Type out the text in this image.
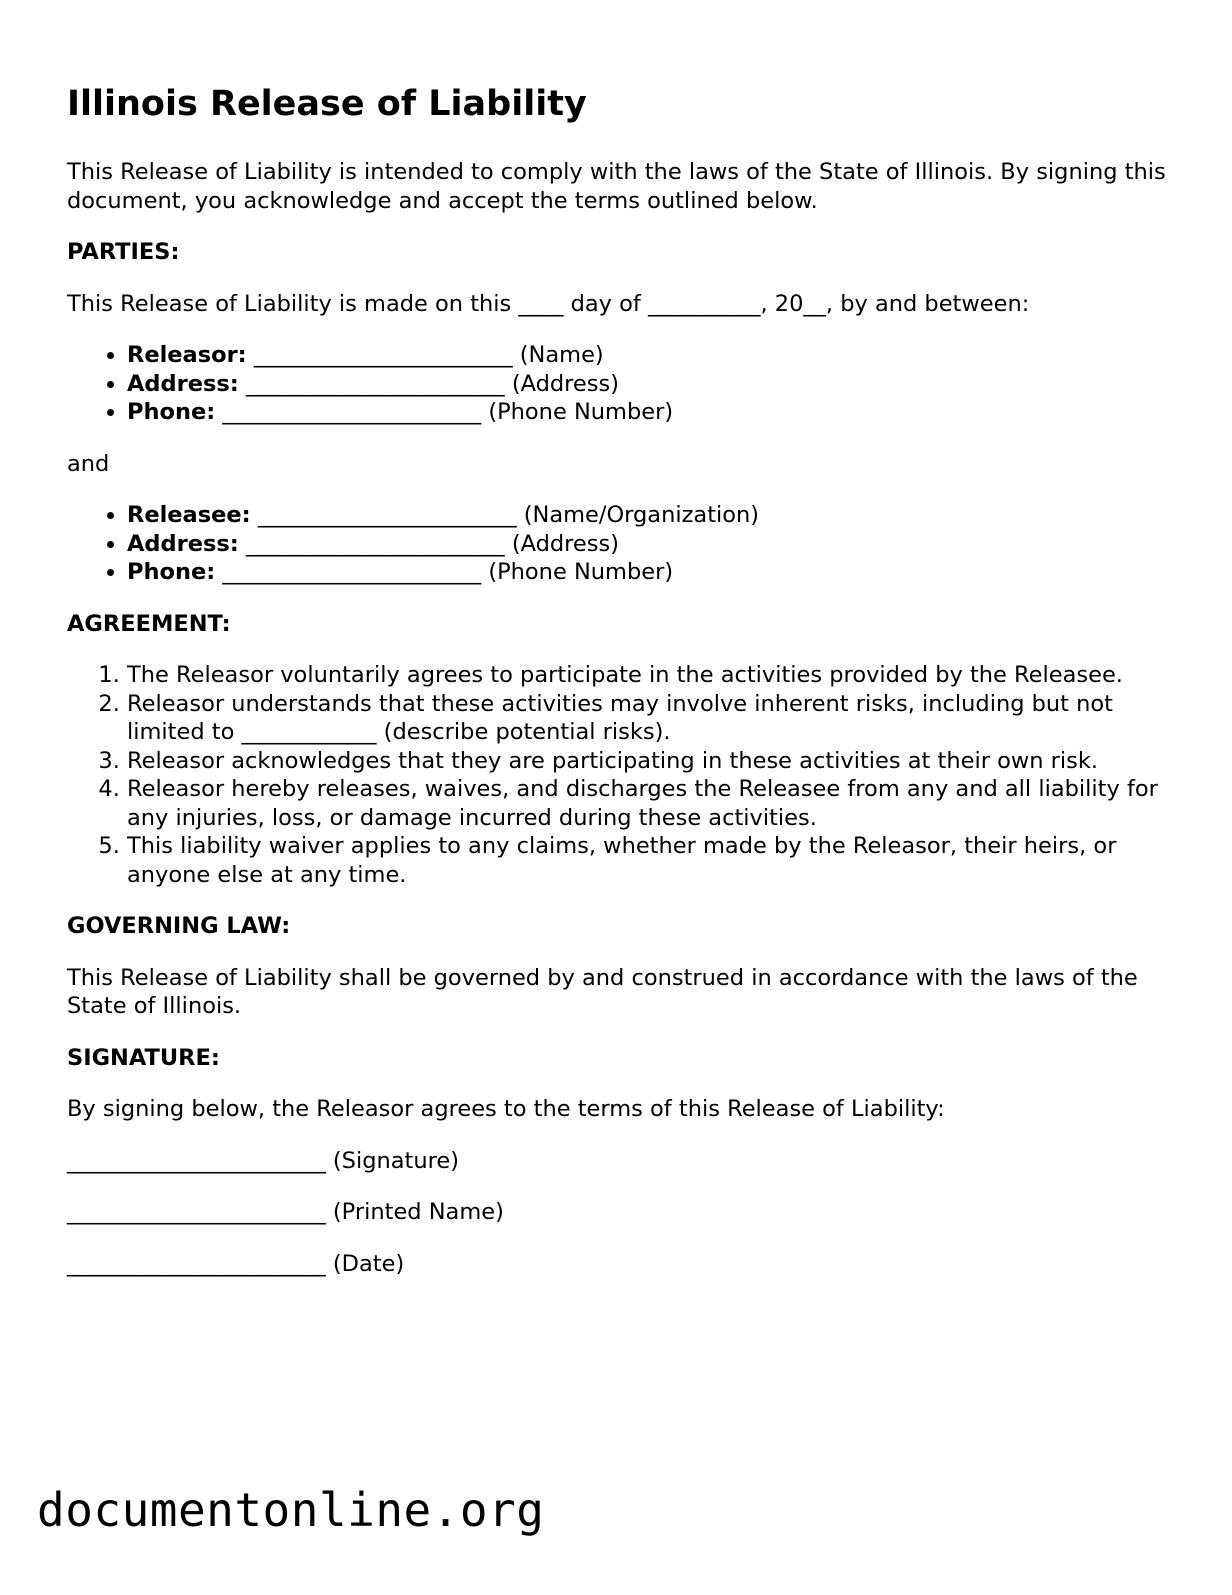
Illinois Release of Liability

This Release of Liability is intended to comply with the laws of the State of Illinois. By signing this document, you acknowledge and accept the terms outlined below.

PARTIES:

This Release of Liability is made on this ____ day of __________, 20__, by and between:

• Releasor: _______________________ (Name)
• Address: _______________________ (Address)
• Phone: _______________________ (Phone Number)

and

• Releasee: _______________________ (Name/Organization)
• Address: _______________________ (Address)
• Phone: _______________________ (Phone Number)
AGREEMENT:
1. The Releasor voluntarily agrees to participate in the activities provided by the Releasee.
2. Releasor understands that these activities may involve inherent risks, including but not limited to ____________ (describe potential risks).
3. Releasor acknowledges that they are participating in these activities at their own risk.
4. Releasor hereby releases, waives, and discharges the Releasee from any and all liability for any injuries, loss, or damage incurred during these activities.
5. This liability waiver applies to any claims, whether made by the Releasor, their heirs, or anyone else at any time.
GOVERNING LAW:

This Release of Liability shall be governed by and construed in accordance with the laws of the State of Illinois.

SIGNATURE:

By signing below, the Releasor agrees to the terms of this Release of Liability:

_______________________ (Signature)
_______________________ (Printed Name)
_______________________ (Date)
documentonline.org
